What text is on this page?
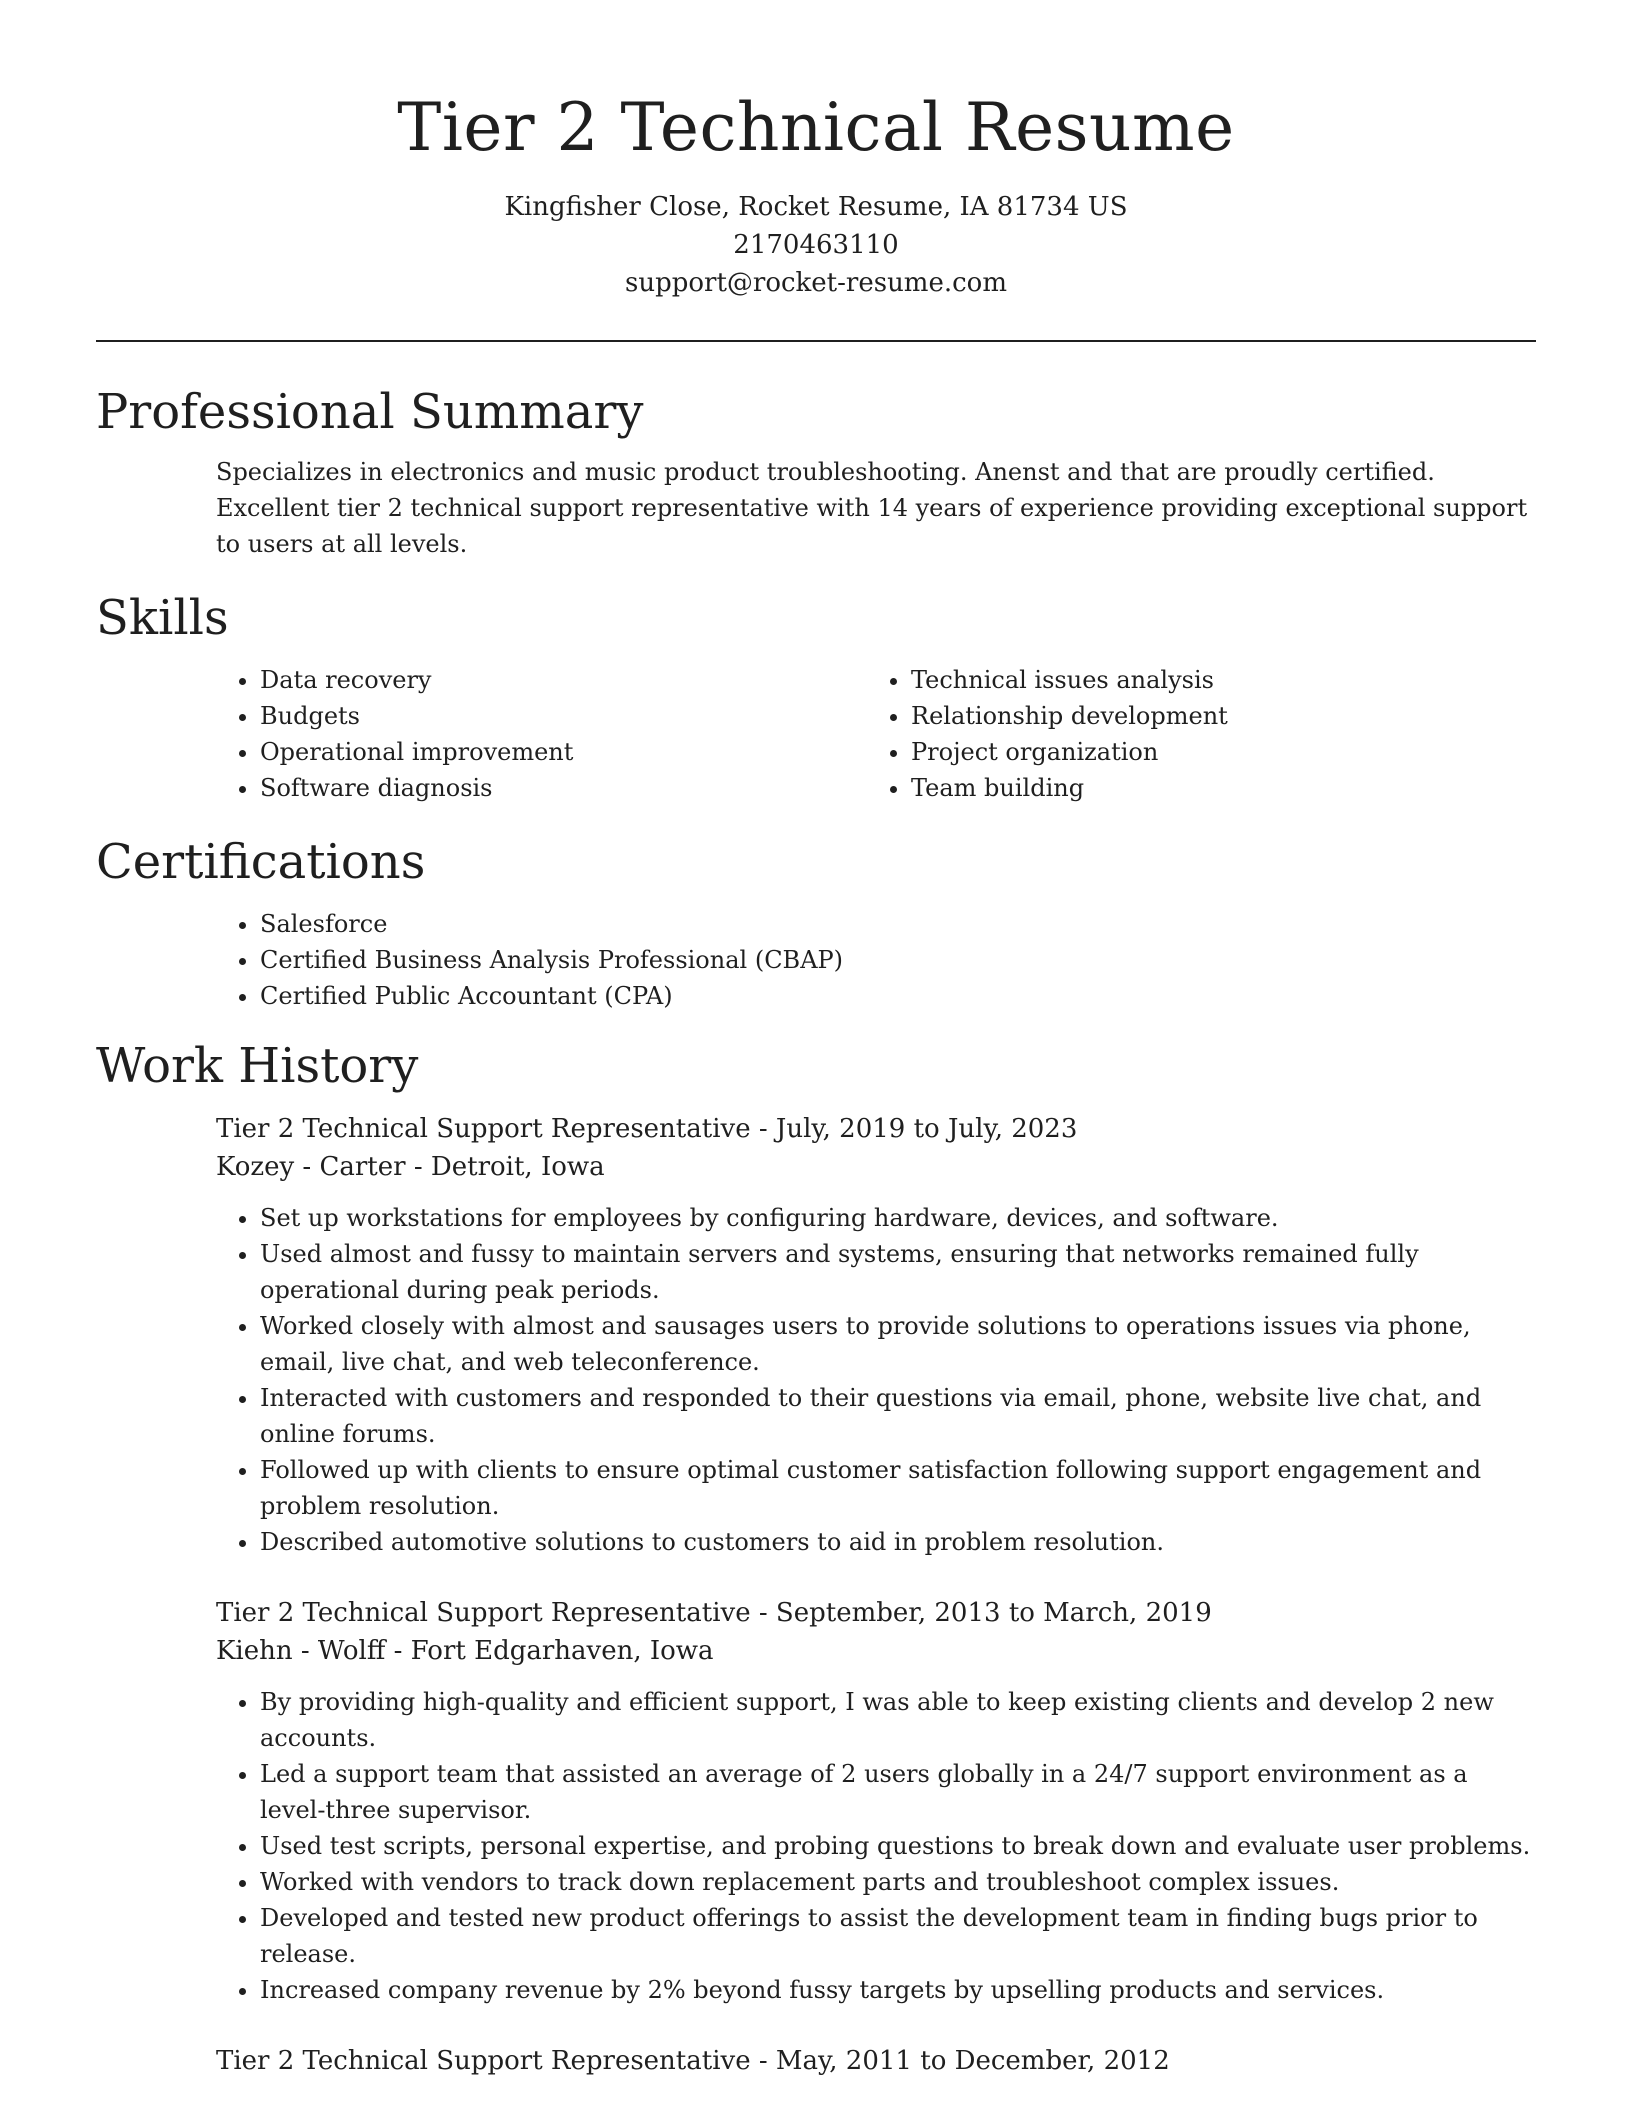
Tier 2 Technical Resume
Kingfisher Close, Rocket Resume, IA 81734 US
2170463110
support@rocket-resume.com
Professional Summary
Specializes in electronics and music product troubleshooting. Anenst and that are proudly certified. Excellent tier 2 technical support representative with 14 years of experience providing exceptional support to users at all levels.
Skills
• Data recovery
• Budgets
• Operational improvement
• Software diagnosis
• Technical issues analysis
• Relationship development
• Project organization
• Team building
Certifications
• Salesforce
• Certified Business Analysis Professional (CBAP)
• Certified Public Accountant (CPA)
Work History
Tier 2 Technical Support Representative - July, 2019 to July, 2023
Kozey - Carter - Detroit, Iowa
• Set up workstations for employees by configuring hardware, devices, and software.
• Used almost and fussy to maintain servers and systems, ensuring that networks remained fully operational during peak periods.
• Worked closely with almost and sausages users to provide solutions to operations issues via phone, email, live chat, and web teleconference.
• Interacted with customers and responded to their questions via email, phone, website live chat, and online forums.
• Followed up with clients to ensure optimal customer satisfaction following support engagement and problem resolution.
• Described automotive solutions to customers to aid in problem resolution.
Tier 2 Technical Support Representative - September, 2013 to March, 2019
Kiehn - Wolff - Fort Edgarhaven, Iowa
• By providing high-quality and efficient support, I was able to keep existing clients and develop 2 new accounts.
• Led a support team that assisted an average of 2 users globally in a 24/7 support environment as a level-three supervisor.
• Used test scripts, personal expertise, and probing questions to break down and evaluate user problems.
• Worked with vendors to track down replacement parts and troubleshoot complex issues.
• Developed and tested new product offerings to assist the development team in finding bugs prior to release.
• Increased company revenue by 2% beyond fussy targets by upselling products and services.
Tier 2 Technical Support Representative - May, 2011 to December, 2012
